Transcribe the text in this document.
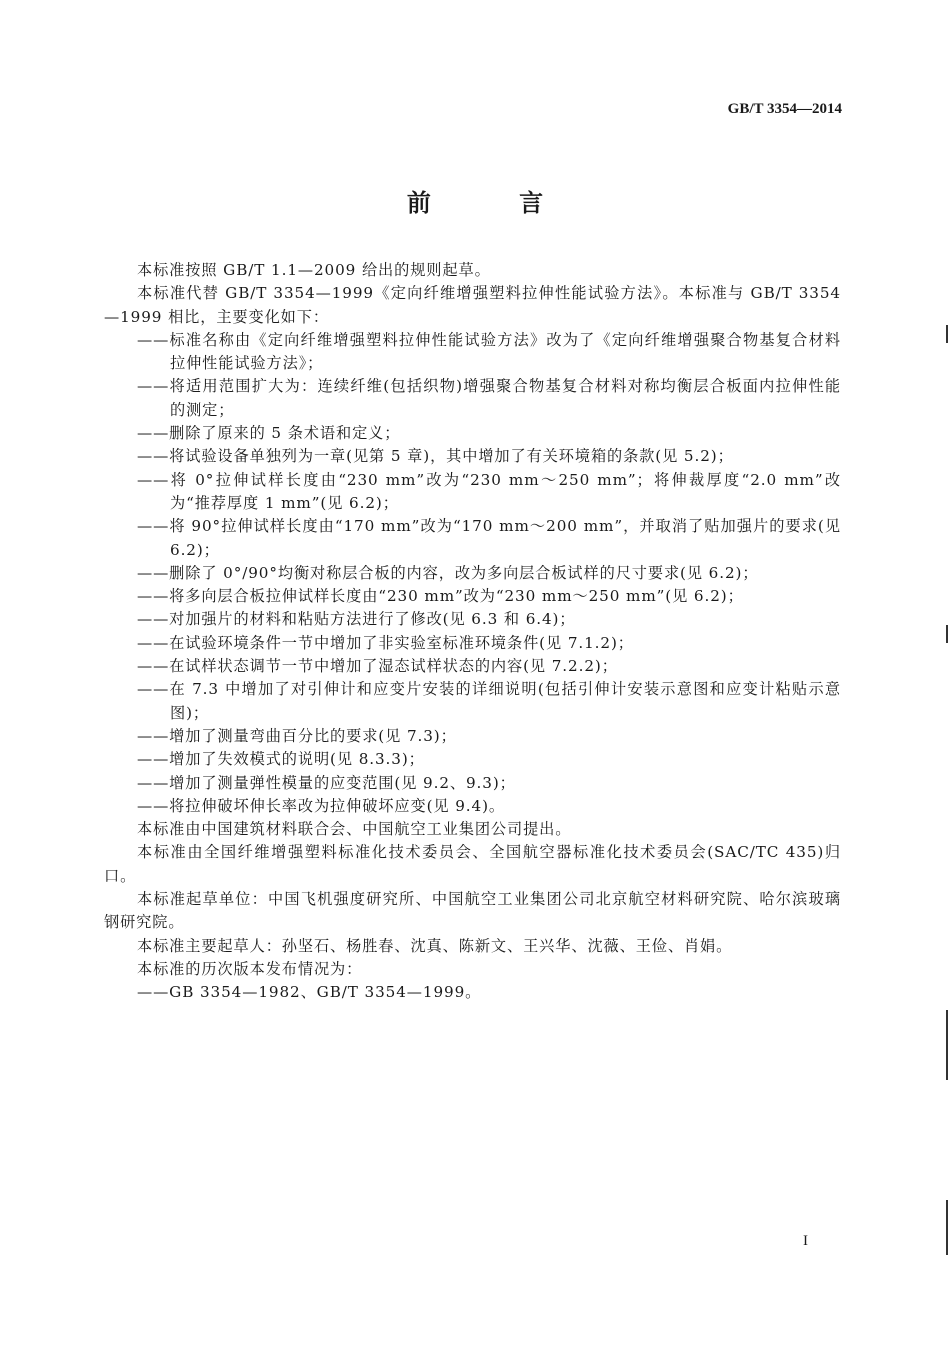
GB/T 3354—2014
前 言

本标准按照 GB/T 1.1—2009 给出的规则起草。

本标准代替 GB/T 3354—1999《定向纤维增强塑料拉伸性能试验方法》。本标准与 GB/T 3354—1999 相比，主要变化如下：

——标准名称由《定向纤维增强塑料拉伸性能试验方法》改为了《定向纤维增强聚合物基复合材料拉伸性能试验方法》；

——将适用范围扩大为：连续纤维(包括织物)增强聚合物基复合材料对称均衡层合板面内拉伸性能的测定；

——删除了原来的 5 条术语和定义；

——将试验设备单独列为一章(见第 5 章)，其中增加了有关环境箱的条款(见 5.2)；

——将 0°拉伸试样长度由“230 mm”改为“230 mm～250 mm”；将伸裁厚度“2.0 mm”改为“推荐厚度 1 mm”(见 6.2)；

——将 90°拉伸试样长度由“170 mm”改为“170 mm～200 mm”，并取消了贴加强片的要求(见 6.2)；

——删除了 0°/90°均衡对称层合板的内容，改为多向层合板试样的尺寸要求(见 6.2)；

——将多向层合板拉伸试样长度由“230 mm”改为“230 mm～250 mm”(见 6.2)；

——对加强片的材料和粘贴方法进行了修改(见 6.3 和 6.4)；

——在试验环境条件一节中增加了非实验室标准环境条件(见 7.1.2)；

——在试样状态调节一节中增加了湿态试样状态的内容(见 7.2.2)；

——在 7.3 中增加了对引伸计和应变片安装的详细说明(包括引伸计安装示意图和应变计粘贴示意图)；

——增加了测量弯曲百分比的要求(见 7.3)；

——增加了失效模式的说明(见 8.3.3)；

——增加了测量弹性模量的应变范围(见 9.2、9.3)；

——将拉伸破坏伸长率改为拉伸破坏应变(见 9.4)。

本标准由中国建筑材料联合会、中国航空工业集团公司提出。

本标准由全国纤维增强塑料标准化技术委员会、全国航空器标准化技术委员会(SAC/TC 435)归口。

本标准起草单位：中国飞机强度研究所、中国航空工业集团公司北京航空材料研究院、哈尔滨玻璃钢研究院。

本标准主要起草人：孙坚石、杨胜春、沈真、陈新文、王兴华、沈薇、王俭、肖娟。

本标准的历次版本发布情况为：

——GB 3354—1982、GB/T 3354—1999。

I
